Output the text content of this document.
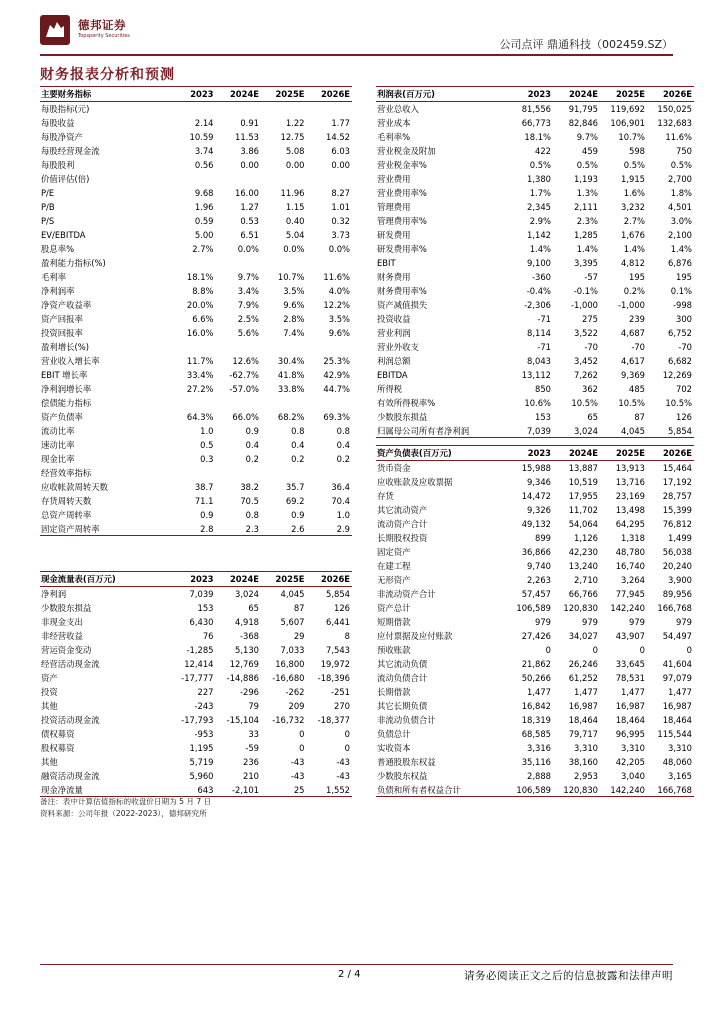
德邦证券
Topsperity Securities
公司点评 鼎通科技（002459.SZ）
财务报表分析和预测
主要财务指标	2023	2024E	2025E	2026E
每股指标(元)
每股收益	2.14	0.91	1.22	1.77
每股净资产	10.59	11.53	12.75	14.52
每股经营现金流	3.74	3.86	5.08	6.03
每股股利	0.56	0.00	0.00	0.00
价值评估(倍)
P/E	9.68	16.00	11.96	8.27
P/B	1.96	1.27	1.15	1.01
P/S	0.59	0.53	0.40	0.32
EV/EBITDA	5.00	6.51	5.04	3.73
股息率%	2.7%	0.0%	0.0%	0.0%
盈利能力指标(%)
毛利率	18.1%	9.7%	10.7%	11.6%
净利润率	8.8%	3.4%	3.5%	4.0%
净资产收益率	20.0%	7.9%	9.6%	12.2%
资产回报率	6.6%	2.5%	2.8%	3.5%
投资回报率	16.0%	5.6%	7.4%	9.6%
盈利增长(%)
营业收入增长率	11.7%	12.6%	30.4%	25.3%
EBIT 增长率	33.4%	-62.7%	41.8%	42.9%
净利润增长率	27.2%	-57.0%	33.8%	44.7%
偿债能力指标
资产负债率	64.3%	66.0%	68.2%	69.3%
流动比率	1.0	0.9	0.8	0.8
速动比率	0.5	0.4	0.4	0.4
现金比率	0.3	0.2	0.2	0.2
经营效率指标
应收帐款周转天数	38.7	38.2	35.7	36.4
存货周转天数	71.1	70.5	69.2	70.4
总资产周转率	0.9	0.8	0.9	1.0
固定资产周转率	2.8	2.3	2.6	2.9
现金流量表(百万元)	2023	2024E	2025E	2026E
净利润	7,039	3,024	4,045	5,854
少数股东损益	153	65	87	126
非现金支出	6,430	4,918	5,607	6,441
非经营收益	76	-368	29	8
营运资金变动	-1,285	5,130	7,033	7,543
经营活动现金流	12,414	12,769	16,800	19,972
资产	-17,777	-14,886	-16,680	-18,396
投资	227	-296	-262	-251
其他	-243	79	209	270
投资活动现金流	-17,793	-15,104	-16,732	-18,377
债权募资	-953	33	0	0
股权募资	1,195	-59	0	0
其他	5,719	236	-43	-43
融资活动现金流	5,960	210	-43	-43
现金净流量	643	-2,101	25	1,552
利润表(百万元)	2023	2024E	2025E	2026E
营业总收入	81,556	91,795	119,692	150,025
营业成本	66,773	82,846	106,901	132,683
毛利率%	18.1%	9.7%	10.7%	11.6%
营业税金及附加	422	459	598	750
营业税金率%	0.5%	0.5%	0.5%	0.5%
营业费用	1,380	1,193	1,915	2,700
营业费用率%	1.7%	1.3%	1.6%	1.8%
管理费用	2,345	2,111	3,232	4,501
管理费用率%	2.9%	2.3%	2.7%	3.0%
研发费用	1,142	1,285	1,676	2,100
研发费用率%	1.4%	1.4%	1.4%	1.4%
EBIT	9,100	3,395	4,812	6,876
财务费用	-360	-57	195	195
财务费用率%	-0.4%	-0.1%	0.2%	0.1%
资产减值损失	-2,306	-1,000	-1,000	-998
投资收益	-71	275	239	300
营业利润	8,114	3,522	4,687	6,752
营业外收支	-71	-70	-70	-70
利润总额	8,043	3,452	4,617	6,682
EBITDA	13,112	7,262	9,369	12,269
所得税	850	362	485	702
有效所得税率%	10.6%	10.5%	10.5%	10.5%
少数股东损益	153	65	87	126
归属母公司所有者净利润	7,039	3,024	4,045	5,854
资产负债表(百万元)	2023	2024E	2025E	2026E
货币资金	15,988	13,887	13,913	15,464
应收账款及应收票据	9,346	10,519	13,716	17,192
存货	14,472	17,955	23,169	28,757
其它流动资产	9,326	11,702	13,498	15,399
流动资产合计	49,132	54,064	64,295	76,812
长期股权投资	899	1,126	1,318	1,499
固定资产	36,866	42,230	48,780	56,038
在建工程	9,740	13,240	16,740	20,240
无形资产	2,263	2,710	3,264	3,900
非流动资产合计	57,457	66,766	77,945	89,956
资产总计	106,589	120,830	142,240	166,768
短期借款	979	979	979	979
应付票据及应付账款	27,426	34,027	43,907	54,497
预收账款	0	0	0	0
其它流动负债	21,862	26,246	33,645	41,604
流动负债合计	50,266	61,252	78,531	97,079
长期借款	1,477	1,477	1,477	1,477
其它长期负债	16,842	16,987	16,987	16,987
非流动负债合计	18,319	18,464	18,464	18,464
负债总计	68,585	79,717	96,995	115,544
实收资本	3,316	3,310	3,310	3,310
普通股股东权益	35,116	38,160	42,205	48,060
少数股东权益	2,888	2,953	3,040	3,165
负债和所有者权益合计	106,589	120,830	142,240	166,768
备注：表中计算估值指标的收盘价日期为 5 月 7 日
资料来源：公司年报（2022-2023），德邦研究所
2 / 4	请务必阅读正文之后的信息披露和法律声明
